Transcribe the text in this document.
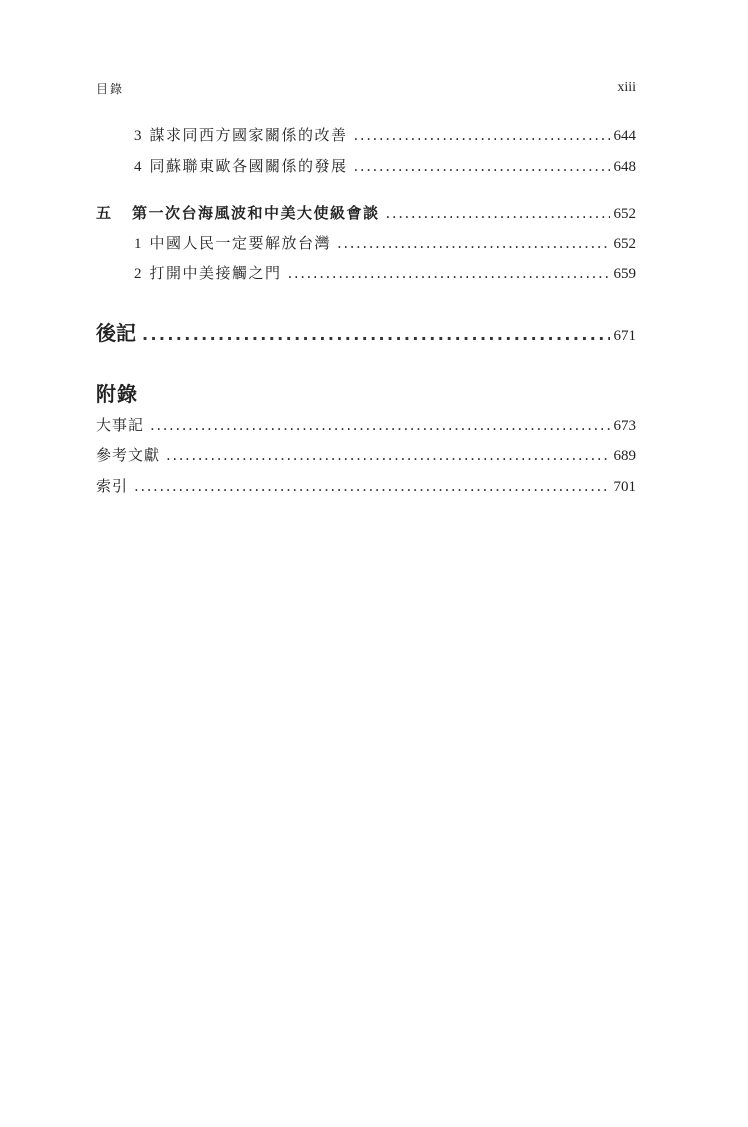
目錄	xiii
3 謀求同西方國家關係的改善 . . .	644
4 同蘇聯東歐各國關係的發展 . . .	648
五	第一次台海風波和中美大使級會談 . . .	652
1 中國人民一定要解放台灣 . . .	652
2 打開中美接觸之門 . . .	659
後記 . . .	671
附錄
大事記 . . .	673
參考文獻 . . .	689
索引 . . .	701
